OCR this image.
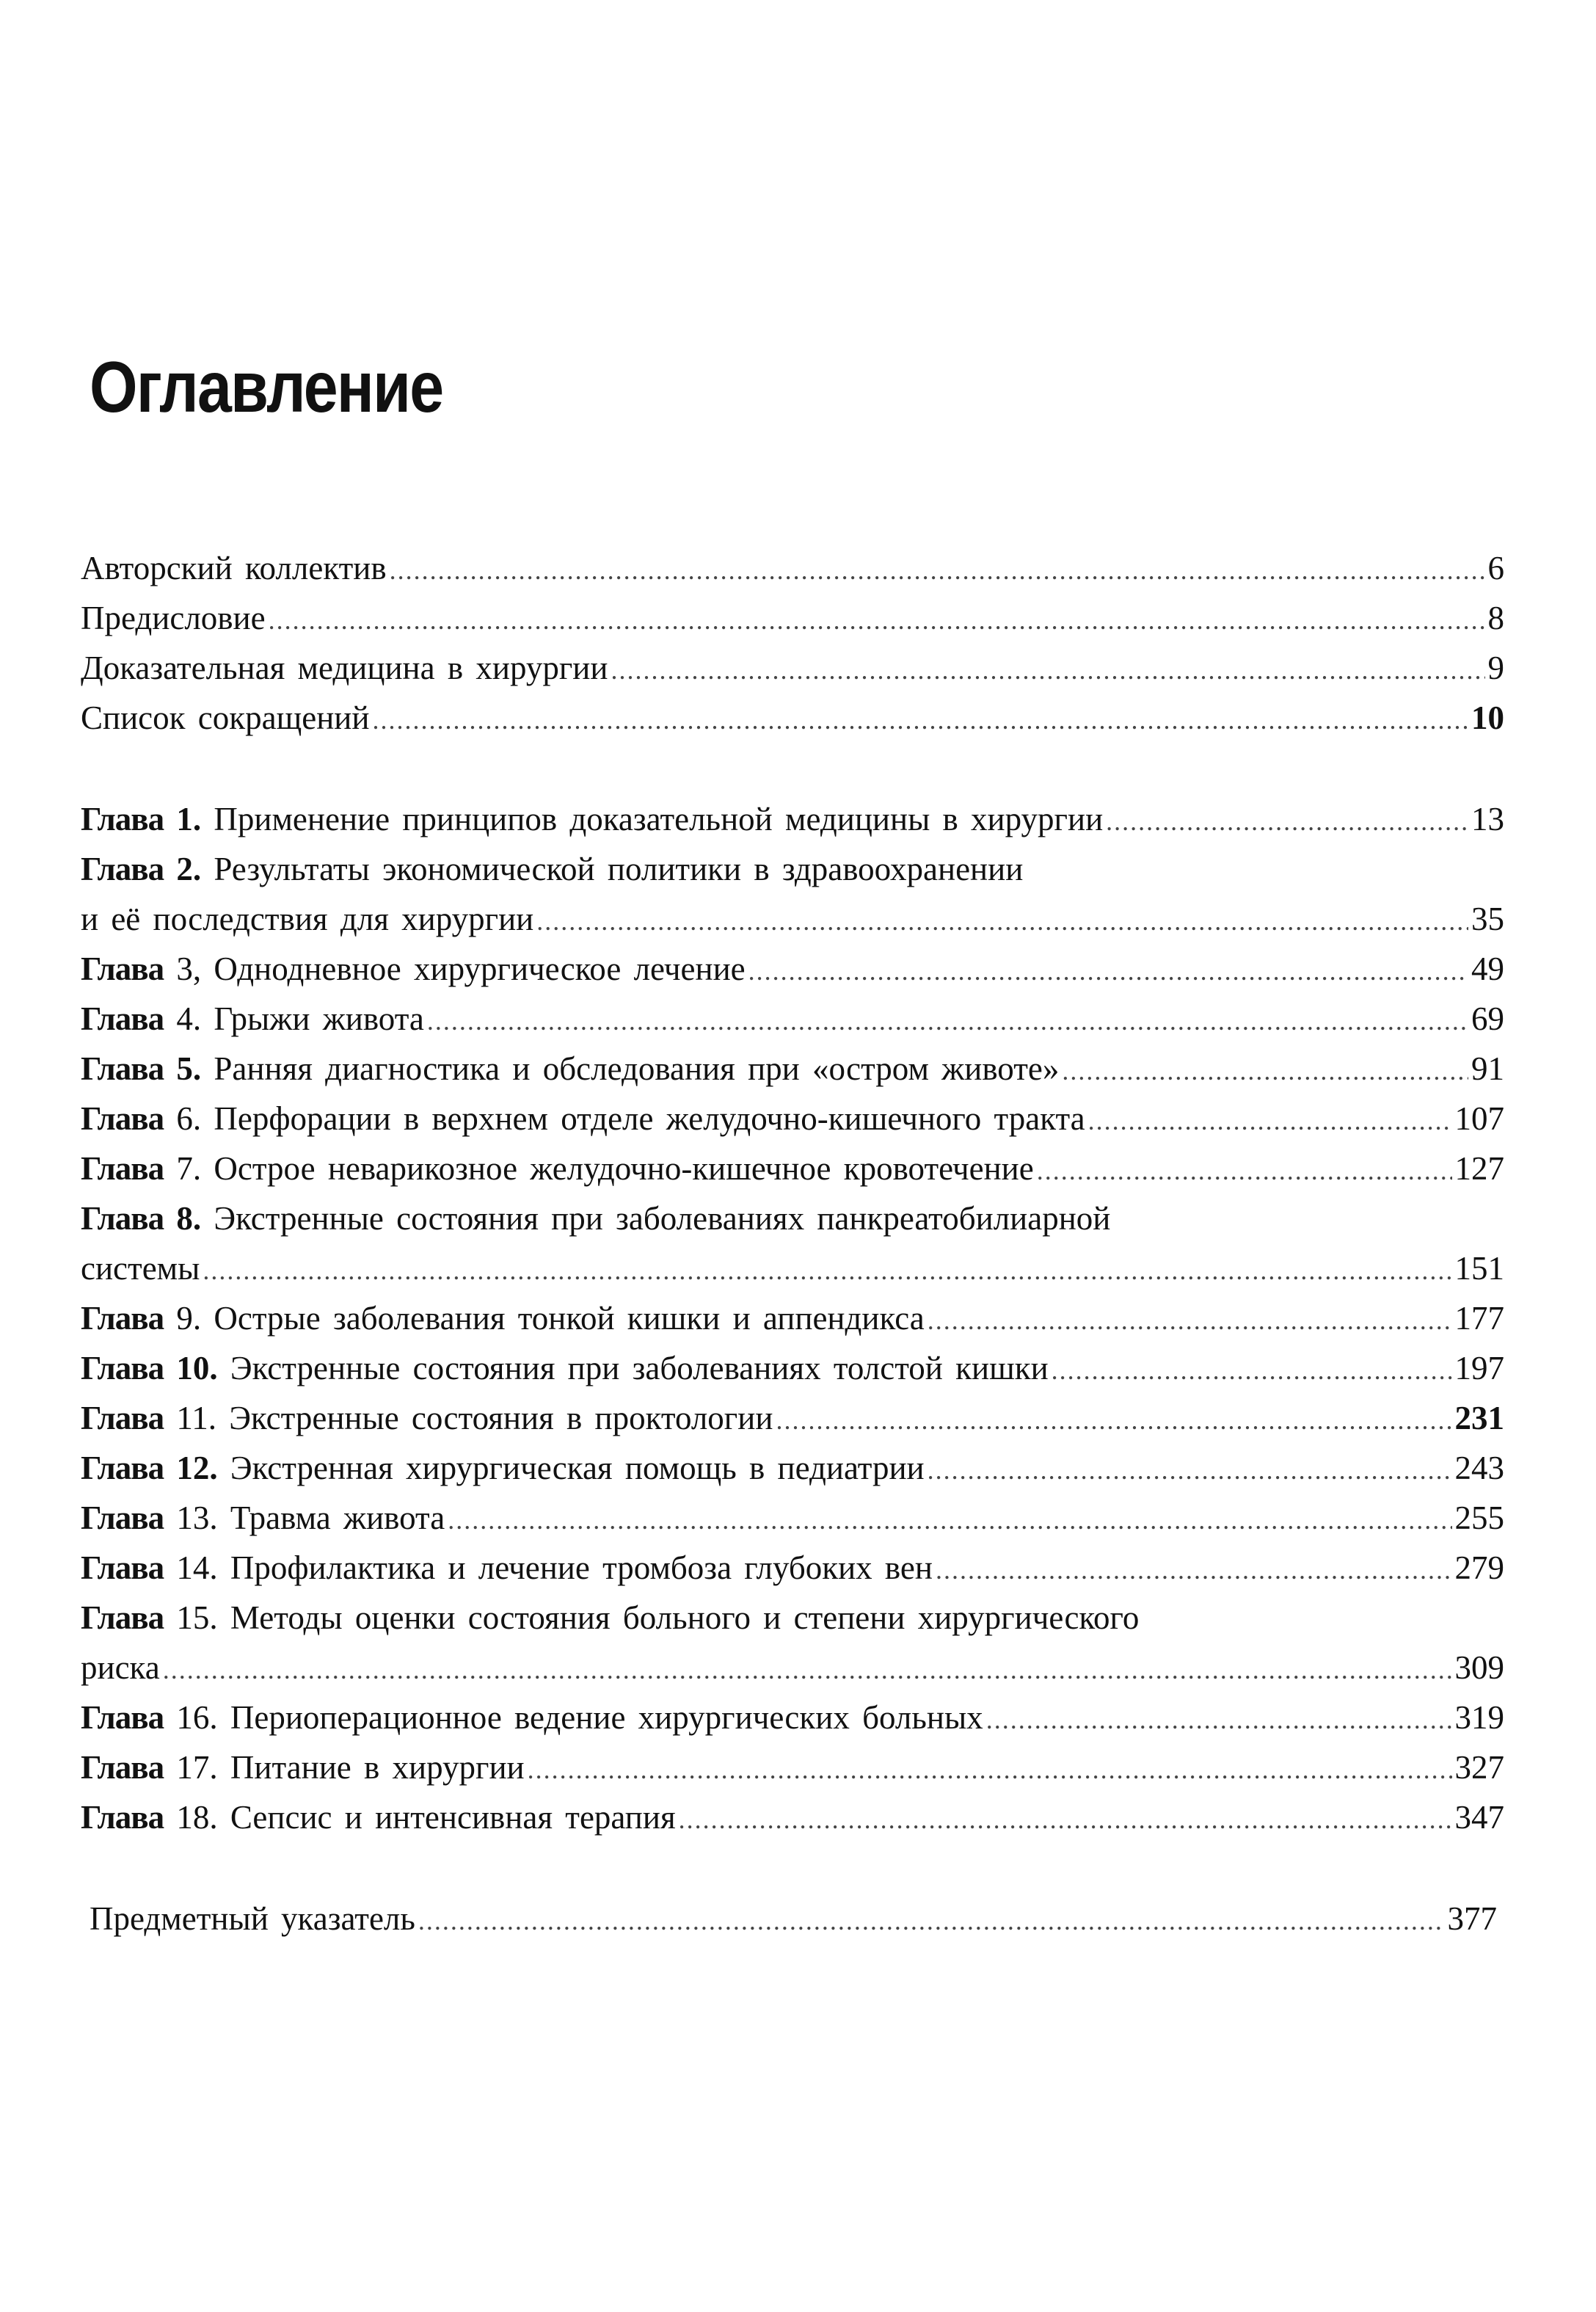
Оглавление
Авторский коллектив .....	6
Предисловие .....	8
Доказательная медицина в хирургии .....	9
Список сокращений .....	10
Глава 1. Применение принципов доказательной медицины в хирургии .....	13
Глава 2. Результаты экономической политики в здравоохранении
и её последствия для хирургии .....	35
Глава 3, Однодневное хирургическое лечение .....	49
Глава 4. Грыжи живота .....	69
Глава 5. Ранняя диагностика и обследования при «остром животе» .....	91
Глава 6. Перфорации в верхнем отделе желудочно-кишечного тракта .....	107
Глава 7. Острое неварикозное желудочно-кишечное кровотечение .....	127
Глава 8. Экстренные состояния при заболеваниях панкреатобилиарной
системы .....	151
Глава 9. Острые заболевания тонкой кишки и аппендикса .....	177
Глава 10. Экстренные состояния при заболеваниях толстой кишки .....	197
Глава 11. Экстренные состояния в проктологии .....	231
Глава 12. Экстренная хирургическая помощь в педиатрии .....	243
Глава 13. Травма живота .....	255
Глава 14. Профилактика и лечение тромбоза глубоких вен .....	279
Глава 15. Методы оценки состояния больного и степени хирургического
риска .....	309
Глава 16. Периоперационное ведение хирургических больных .....	319
Глава 17. Питание в хирургии .....	327
Глава 18. Сепсис и интенсивная терапия .....	347
Предметный указатель .....	377
